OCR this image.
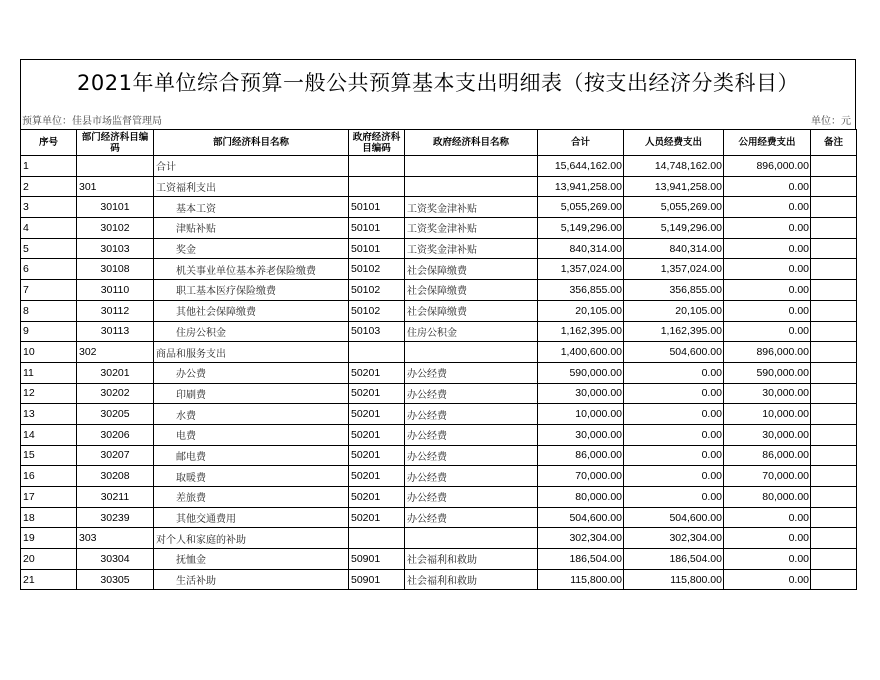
2021年单位综合预算一般公共预算基本支出明细表（按支出经济分类科目）
预算单位：佳县市场监督管理局	单位：元
序号	部门经济科目编码	部门经济科目名称	政府经济科目编码	政府经济科目名称	合计	人员经费支出	公用经费支出	备注
1		合计			15,644,162.00	14,748,162.00	896,000.00	
2	301	工资福利支出			13,941,258.00	13,941,258.00	0.00	
3	30101	基本工资	50101	工资奖金津补贴	5,055,269.00	5,055,269.00	0.00	
4	30102	津贴补贴	50101	工资奖金津补贴	5,149,296.00	5,149,296.00	0.00	
5	30103	奖金	50101	工资奖金津补贴	840,314.00	840,314.00	0.00	
6	30108	机关事业单位基本养老保险缴费	50102	社会保障缴费	1,357,024.00	1,357,024.00	0.00	
7	30110	职工基本医疗保险缴费	50102	社会保障缴费	356,855.00	356,855.00	0.00	
8	30112	其他社会保障缴费	50102	社会保障缴费	20,105.00	20,105.00	0.00	
9	30113	住房公积金	50103	住房公积金	1,162,395.00	1,162,395.00	0.00	
10	302	商品和服务支出			1,400,600.00	504,600.00	896,000.00	
11	30201	办公费	50201	办公经费	590,000.00	0.00	590,000.00	
12	30202	印刷费	50201	办公经费	30,000.00	0.00	30,000.00	
13	30205	水费	50201	办公经费	10,000.00	0.00	10,000.00	
14	30206	电费	50201	办公经费	30,000.00	0.00	30,000.00	
15	30207	邮电费	50201	办公经费	86,000.00	0.00	86,000.00	
16	30208	取暖费	50201	办公经费	70,000.00	0.00	70,000.00	
17	30211	差旅费	50201	办公经费	80,000.00	0.00	80,000.00	
18	30239	其他交通费用	50201	办公经费	504,600.00	504,600.00	0.00	
19	303	对个人和家庭的补助			302,304.00	302,304.00	0.00	
20	30304	抚恤金	50901	社会福利和救助	186,504.00	186,504.00	0.00	
21	30305	生活补助	50901	社会福利和救助	115,800.00	115,800.00	0.00	
